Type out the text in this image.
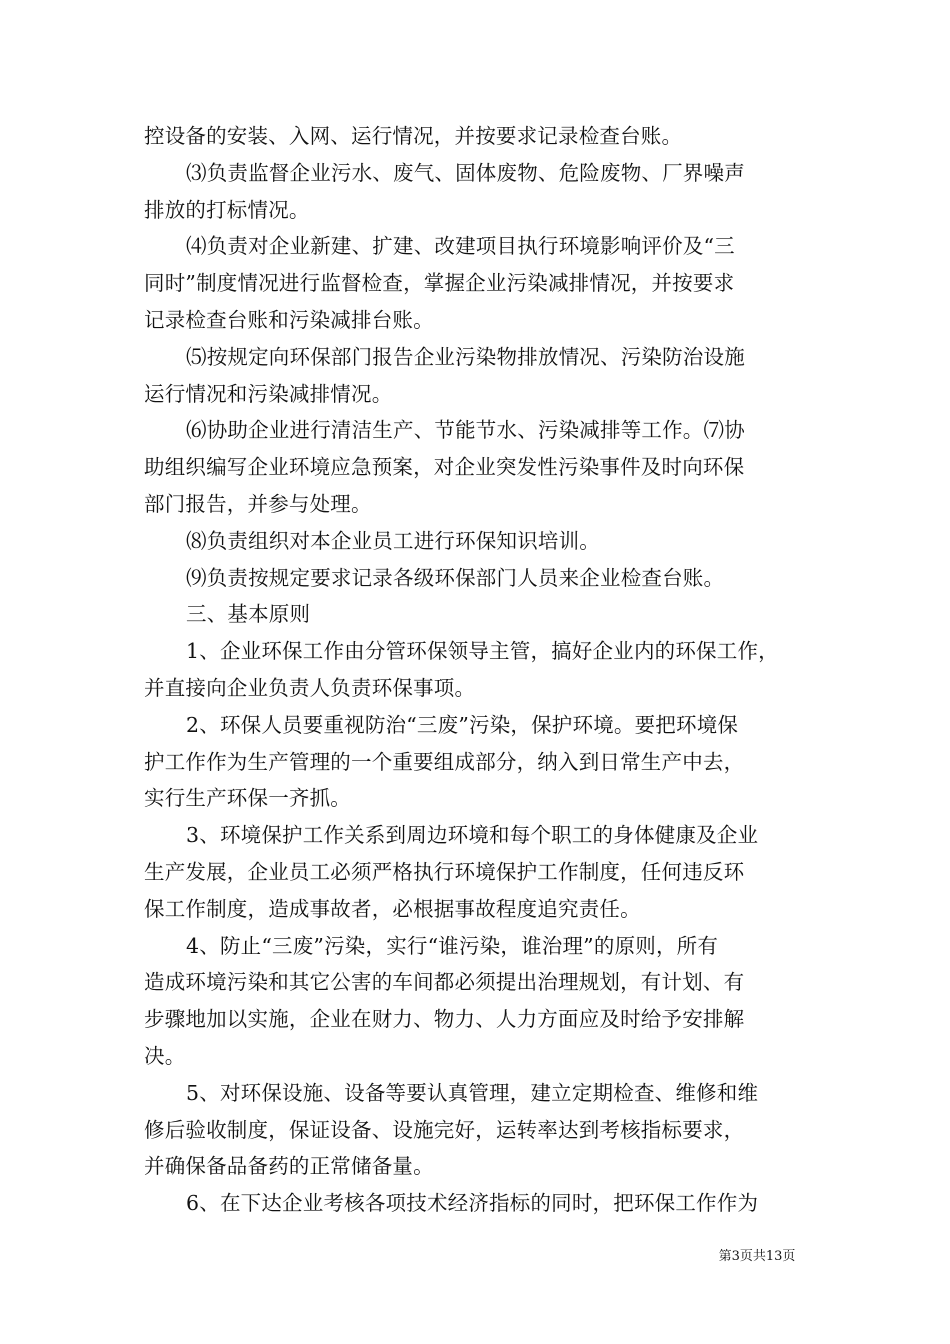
控设备的安装、入网、运行情况，并按要求记录检查台账。
⑶负责监督企业污水、废气、固体废物、危险废物、厂界噪声
排放的打标情况。
⑷负责对企业新建、扩建、改建项目执行环境影响评价及“三
同时”制度情况进行监督检查，掌握企业污染减排情况，并按要求
记录检查台账和污染减排台账。
⑸按规定向环保部门报告企业污染物排放情况、污染防治设施
运行情况和污染减排情况。
⑹协助企业进行清洁生产、节能节水、污染减排等工作。⑺协
助组织编写企业环境应急预案，对企业突发性污染事件及时向环保
部门报告，并参与处理。
⑻负责组织对本企业员工进行环保知识培训。
⑼负责按规定要求记录各级环保部门人员来企业检查台账。
三、基本原则
1、企业环保工作由分管环保领导主管，搞好企业内的环保工作，
并直接向企业负责人负责环保事项。
2、环保人员要重视防治“三废”污染，保护环境。要把环境保
护工作作为生产管理的一个重要组成部分，纳入到日常生产中去，
实行生产环保一齐抓。
3、环境保护工作关系到周边环境和每个职工的身体健康及企业
生产发展，企业员工必须严格执行环境保护工作制度，任何违反环
保工作制度，造成事故者，必根据事故程度追究责任。
4、防止“三废”污染，实行“谁污染，谁治理”的原则，所有
造成环境污染和其它公害的车间都必须提出治理规划，有计划、有
步骤地加以实施，企业在财力、物力、人力方面应及时给予安排解
决。
5、对环保设施、设备等要认真管理，建立定期检查、维修和维
修后验收制度，保证设备、设施完好，运转率达到考核指标要求，
并确保备品备药的正常储备量。
6、在下达企业考核各项技术经济指标的同时，把环保工作作为
第3页共13页
